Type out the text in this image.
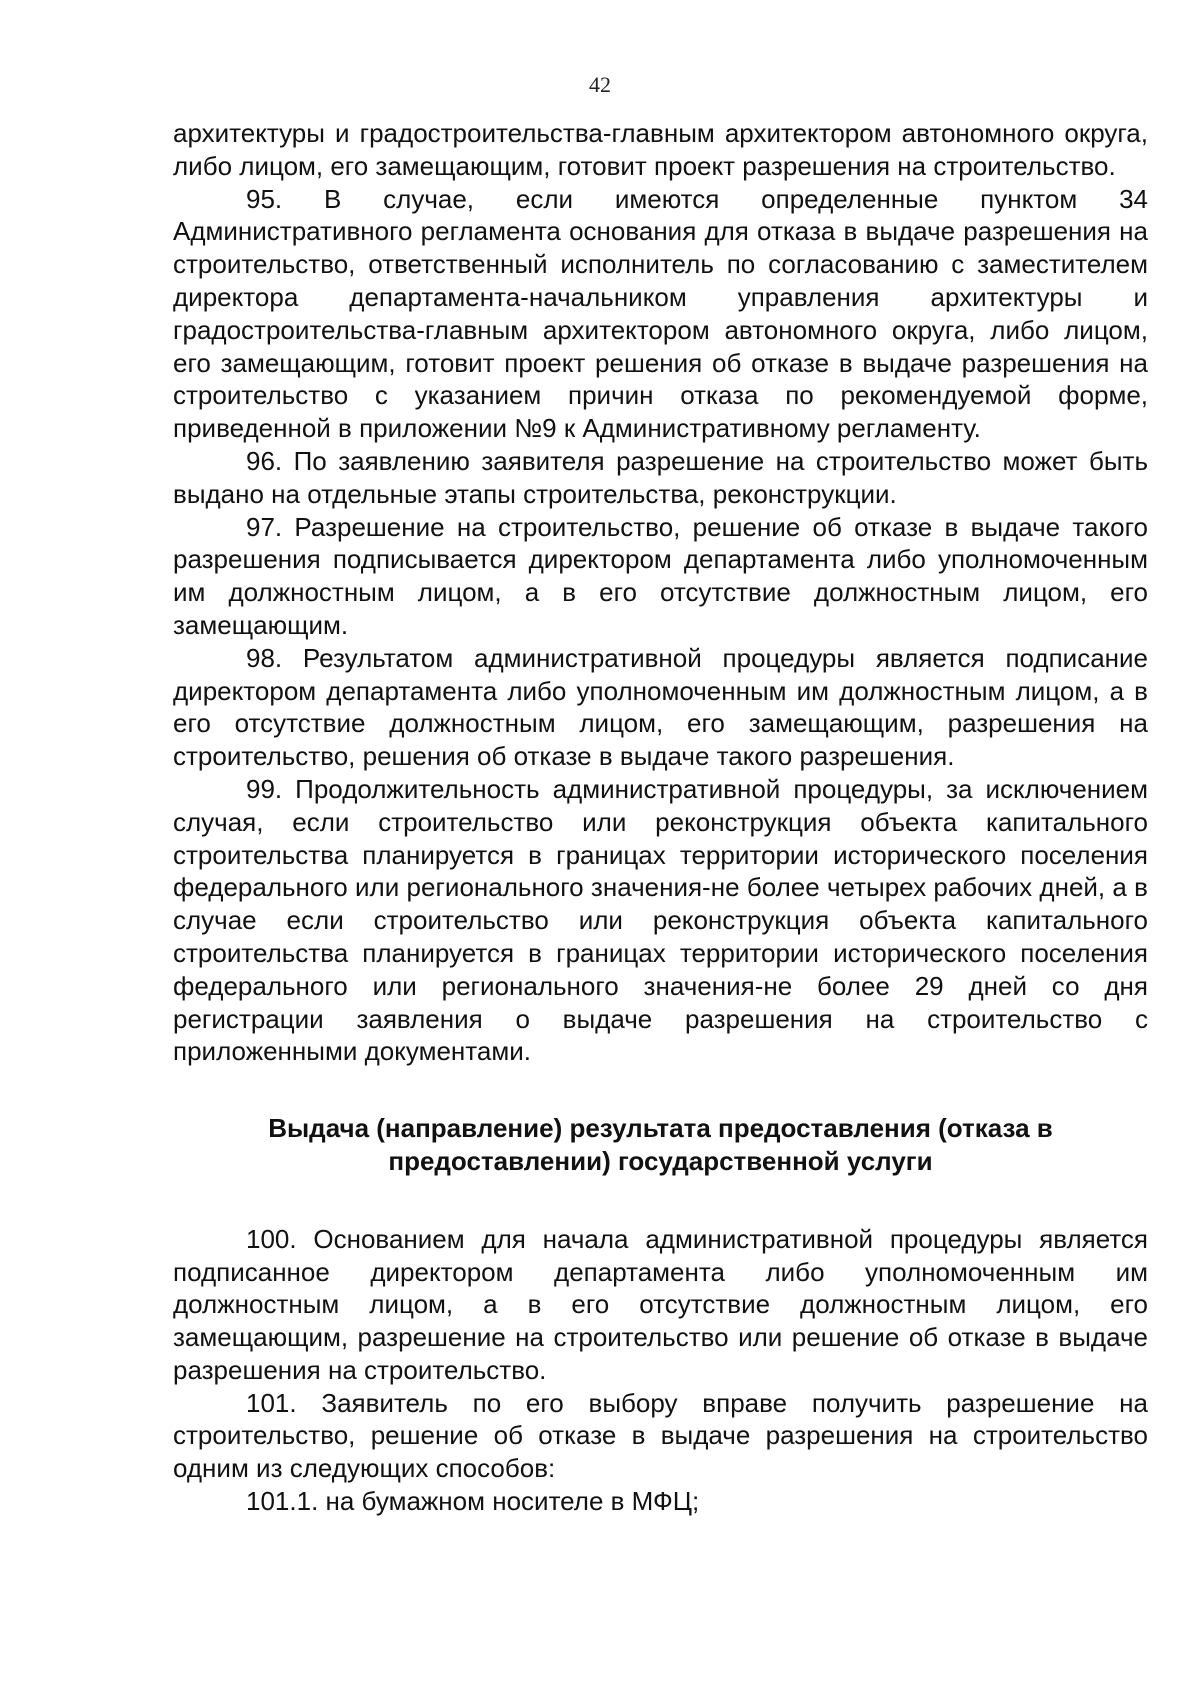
42

архитектуры и градостроительства-главным архитектором автономного округа, либо лицом, его замещающим, готовит проект разрешения на строительство.

95. В случае, если имеются определенные пунктом 34 Административного регламента основания для отказа в выдаче разрешения на строительство, ответственный исполнитель по согласованию с заместителем директора департамента-начальником управления архитектуры и градостроительства-главным архитектором автономного округа, либо лицом, его замещающим, готовит проект решения об отказе в выдаче разрешения на строительство с указанием причин отказа по рекомендуемой форме, приведенной в приложении №9 к Административному регламенту.

96. По заявлению заявителя разрешение на строительство может быть выдано на отдельные этапы строительства, реконструкции.

97. Разрешение на строительство, решение об отказе в выдаче такого разрешения подписывается директором департамента либо уполномоченным им должностным лицом, а в его отсутствие должностным лицом, его замещающим.

98. Результатом административной процедуры является подписание директором департамента либо уполномоченным им должностным лицом, а в его отсутствие должностным лицом, его замещающим, разрешения на строительство, решения об отказе в выдаче такого разрешения.

99. Продолжительность административной процедуры, за исключением случая, если строительство или реконструкция объекта капитального строительства планируется в границах территории исторического поселения федерального или регионального значения-не более четырех рабочих дней, а в случае если строительство или реконструкция объекта капитального строительства планируется в границах территории исторического поселения федерального или регионального значения-не более 29 дней со дня регистрации заявления о выдаче разрешения на строительство с приложенными документами.

Выдача (направление) результата предоставления (отказа в предоставлении) государственной услуги

100. Основанием для начала административной процедуры является подписанное директором департамента либо уполномоченным им должностным лицом, а в его отсутствие должностным лицом, его замещающим, разрешение на строительство или решение об отказе в выдаче разрешения на строительство.

101. Заявитель по его выбору вправе получить разрешение на строительство, решение об отказе в выдаче разрешения на строительство одним из следующих способов:

101.1. на бумажном носителе в МФЦ;
